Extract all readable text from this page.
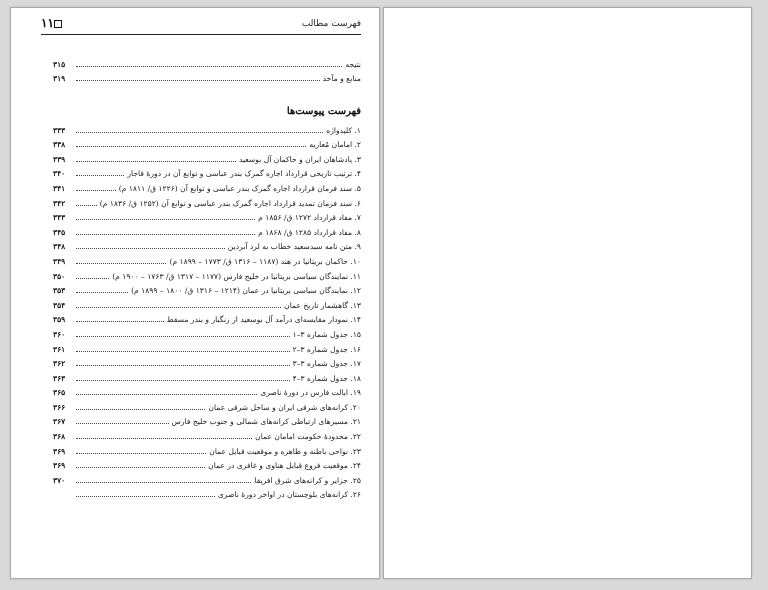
فهرست مطالب
۱۱
نتیجه
۳۱۵
منابع و مآخذ
۳۱۹
فهرست پیوست‌ها
۱. کلیدواژه
۳۳۳
۲. امامان مُعاریه
۳۳۸
۳. پادشاهان ایران و حاکمان آل بوسعید
۳۳۹
۴. ترتیب تاریخی قرارداد اجاره گمرک بندر عباسی و توابع آن در دورهٔ قاجار
۳۴۰
۵. سند فرمان قرارداد اجاره گمرک بندر عباسی و توابع آن (۱۲۲۶ ق/ ۱۸۱۱ م)
۳۴۱
۶. سند فرمان تمدید قرارداد اجاره گمرک بندر عباسی و توابع آن (۱۲۵۲ ق/ ۱۸۳۶ م)
۳۴۲
۷. مفاد قرارداد ۱۲۷۲ ق/ ۱۸۵۶ م
۳۴۳
۸. مفاد قرارداد ۱۲۸۵ ق/ ۱۸۶۸ م
۳۴۵
۹. متن نامه سیدسعید خطاب به لرد آبردین
۳۴۸
۱۰. حاکمان بریتانیا در هند (۱۱۸۷ – ۱۳۱۶ ق/ ۱۷۷۳ – ۱۸۹۹ م)
۳۴۹
۱۱. نمایندگان سیاسی بریتانیا در خلیج فارس (۱۱۷۷ – ۱۳۱۷ ق/ ۱۷۶۳ – ۱۹۰۰ م)
۳۵۰
۱۲. نمایندگان سیاسی بریتانیا در عمان (۱۲۱۴ – ۱۳۱۶ ق/ ۱۸۰۰ – ۱۸۹۹ م)
۳۵۳
۱۳. گاهشمار تاریخ عمان
۳۵۴
۱۴. نمودار مقایسه‌ای درآمد آل بوسعید از زنگبار و بندر مسقط
۳۵۹
۱۵. جدول شماره ۳–۱
۳۶۰
۱۶. جدول شماره ۳–۲
۳۶۱
۱۷. جدول شماره ۳–۳
۳۶۲
۱۸. جدول شماره ۳–۴
۳۶۳
۱۹. ایالت فارس در دورهٔ ناصری
۳۶۵
۲۰. کرانه‌های شرقی ایران و ساحل شرقی عمان
۳۶۶
۲۱. مسیرهای ارتباطی کرانه‌های شمالی و جنوب خلیج فارس
۳۶۷
۲۲. محدودهٔ حکومت امامان عمان
۳۶۸
۲۳. نواحی باطنه و ظاهره و موقعیت قبایل عمان
۳۶۹
۲۴. موقعیت فروع قبایل هناوی و غافری در عمان
۳۶۹
۲۵. جزایر و کرانه‌های شرق افریقا
۳۷۰
۲۶. کرانه‌های بلوچستان در اواخر دورهٔ ناصری
